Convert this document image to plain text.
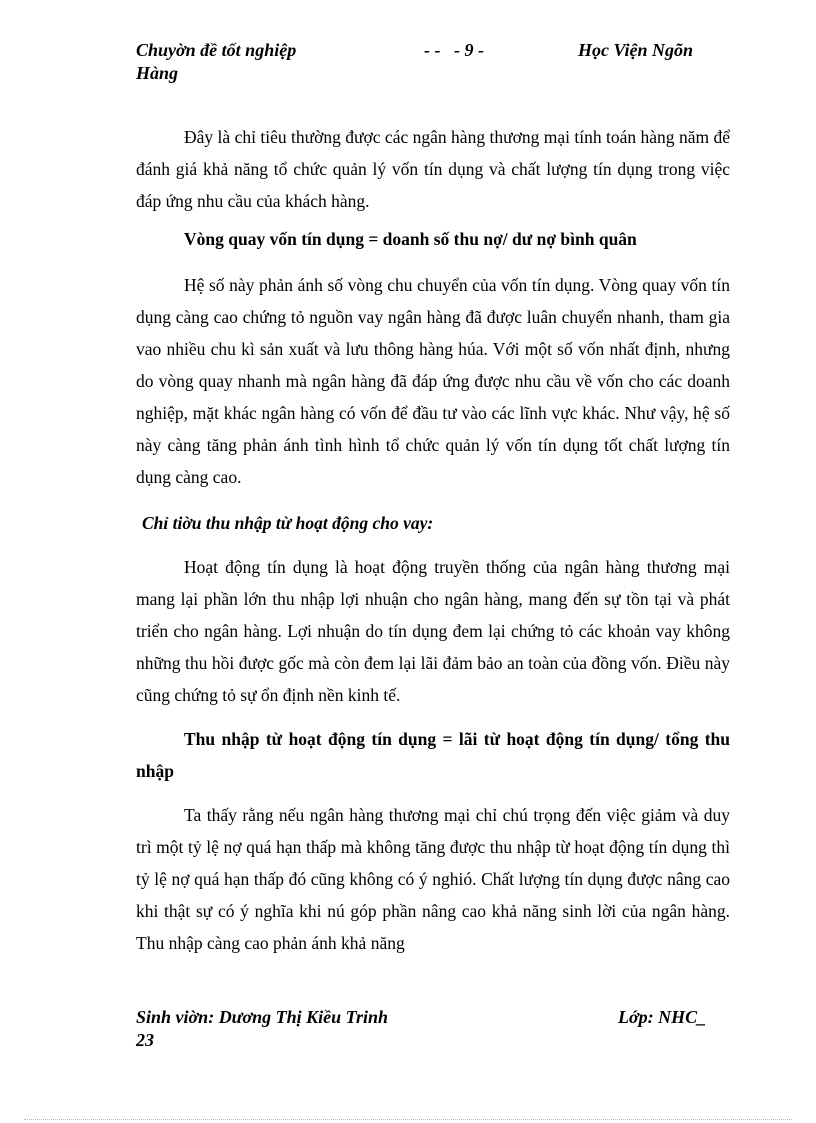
Chuyờn đề tốt nghiệp	- -   - 9 -	Học Viện Ngõn
Hàng

Đây là chỉ tiêu thường được các ngân hàng thương mại tính toán hàng năm để đánh giá khả năng tổ chức quản lý vốn tín dụng và chất lượng tín dụng trong việc đáp ứng nhu cầu của khách hàng.

Vòng quay vốn tín dụng = doanh số thu nợ/ dư nợ bình quân

Hệ số này phản ánh số vòng chu chuyển của vốn tín dụng. Vòng quay vốn tín dụng càng cao chứng tỏ nguồn vay ngân hàng đã được luân chuyển nhanh, tham gia vao nhiều chu kì sản xuất và lưu thông hàng húa. Với một số vốn nhất định, nhưng do vòng quay nhanh mà ngân hàng đã đáp ứng được nhu cầu về vốn cho các doanh nghiệp, mặt khác ngân hàng có vốn để đầu tư vào các lĩnh vực khác. Như vậy, hệ số này càng tăng phản ánh tình hình tổ chức quản lý vốn tín dụng tốt chất lượng tín dụng càng cao.

Chỉ tiờu thu nhập từ hoạt động cho vay:

Hoạt động tín dụng là hoạt động truyền thống của ngân hàng thương mại mang lại phần lớn thu nhập lợi nhuận cho ngân hàng, mang đến sự tồn tại và phát triển cho ngân hàng. Lợi nhuận do tín dụng đem lại chứng tỏ các khoản vay không những thu hồi được gốc mà còn đem lại lãi đảm bảo an toàn của đồng vốn. Điều này cũng chứng tỏ sự ổn định nền kinh tế.

Thu nhập từ hoạt động tín dụng = lãi từ hoạt động tín dụng/ tổng thu nhập

Ta thấy rằng nếu ngân hàng thương mại chỉ chú trọng đến việc giảm và duy trì một tỷ lệ nợ quá hạn thấp mà không tăng được thu nhập từ hoạt động tín dụng thì tỷ lệ nợ quá hạn thấp đó cũng không có ý nghió. Chất lượng tín dụng được nâng cao khi thật sự có ý nghĩa khi nú góp phần nâng cao khả năng sinh lời của ngân hàng. Thu nhập càng cao phản ánh khả năng

Sinh viờn: Dương Thị Kiều Trinh	Lớp: NHC_
23
